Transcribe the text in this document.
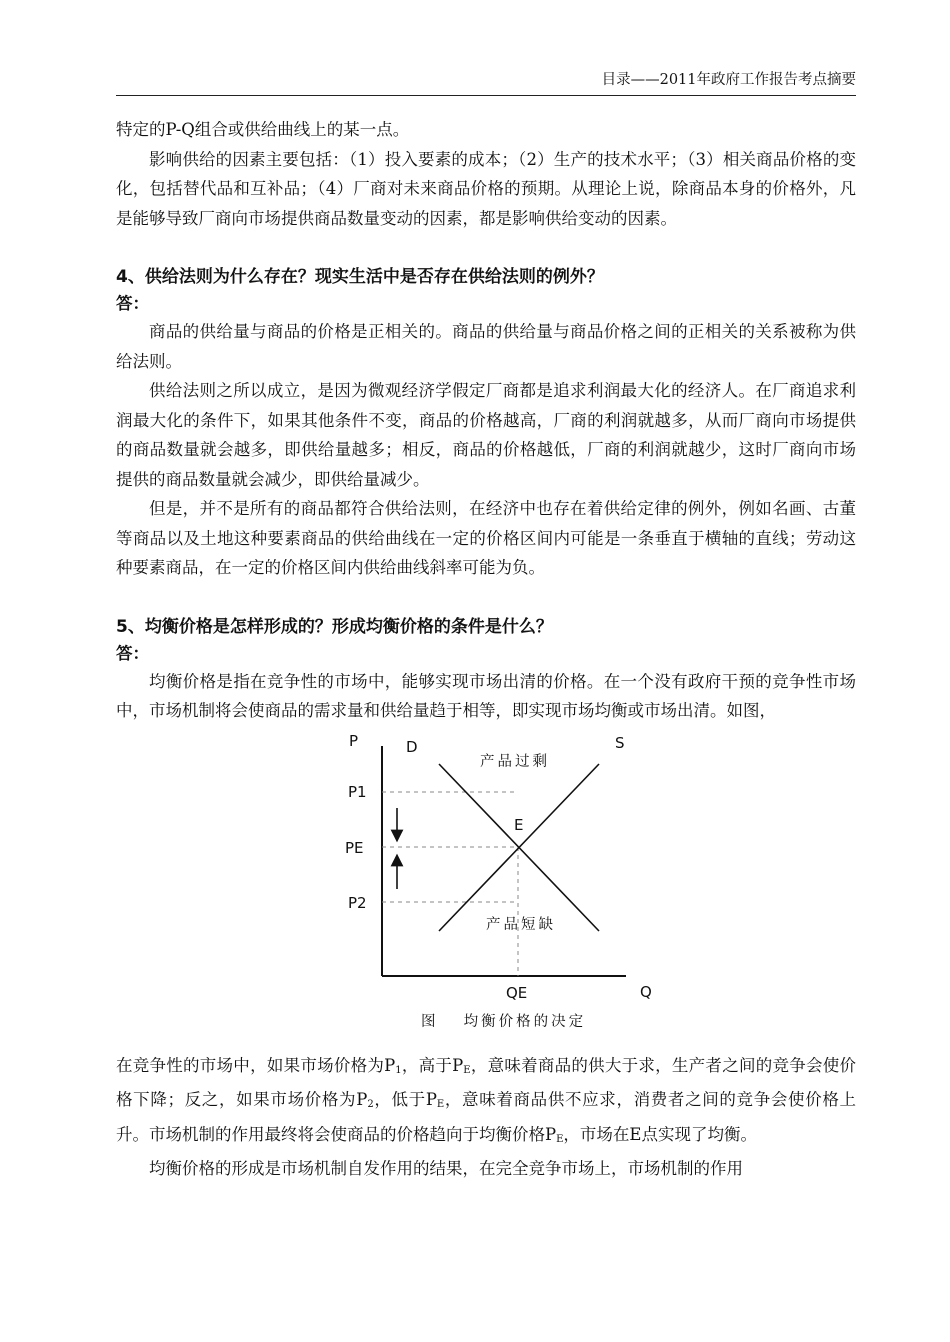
目录——2011年政府工作报告考点摘要

特定的P-Q组合或供给曲线上的某一点。

影响供给的因素主要包括：（1）投入要素的成本；（2）生产的技术水平；（3）相关商品价格的变化，包括替代品和互补品；（4）厂商对未来商品价格的预期。从理论上说，除商品本身的价格外，凡是能够导致厂商向市场提供商品数量变动的因素，都是影响供给变动的因素。

4、供给法则为什么存在？现实生活中是否存在供给法则的例外？

答：

商品的供给量与商品的价格是正相关的。商品的供给量与商品价格之间的正相关的关系被称为供给法则。

供给法则之所以成立，是因为微观经济学假定厂商都是追求利润最大化的经济人。在厂商追求利润最大化的条件下，如果其他条件不变，商品的价格越高，厂商的利润就越多，从而厂商向市场提供的商品数量就会越多，即供给量越多；相反，商品的价格越低，厂商的利润就越少，这时厂商向市场提供的商品数量就会减少，即供给量减少。

但是，并不是所有的商品都符合供给法则，在经济中也存在着供给定律的例外，例如名画、古董等商品以及土地这种要素商品的供给曲线在一定的价格区间内可能是一条垂直于横轴的直线；劳动这种要素商品，在一定的价格区间内供给曲线斜率可能为负。

5、均衡价格是怎样形成的？形成均衡价格的条件是什么？

答：

均衡价格是指在竞争性的市场中，能够实现市场出清的价格。在一个没有政府干预的竞争性市场中，市场机制将会使商品的需求量和供给量趋于相等，即实现市场均衡或市场出清。如图，

P
Q
P1
PE
P2
QE
D	S
E
产品过剩
产品短缺
图　 均衡价格的决定

在竞争性的市场中，如果市场价格为$P_1$，高于$P_E$，意味着商品的供大于求，生产者之间的竞争会使价格下降；反之，如果市场价格为$P_2$，低于$P_E$，意味着商品供不应求，消费者之间的竞争会使价格上升。市场机制的作用最终将会使商品的价格趋向于均衡价格$P_E$，市场在E点实现了均衡。

均衡价格的形成是市场机制自发作用的结果，在完全竞争市场上，市场机制的作用
